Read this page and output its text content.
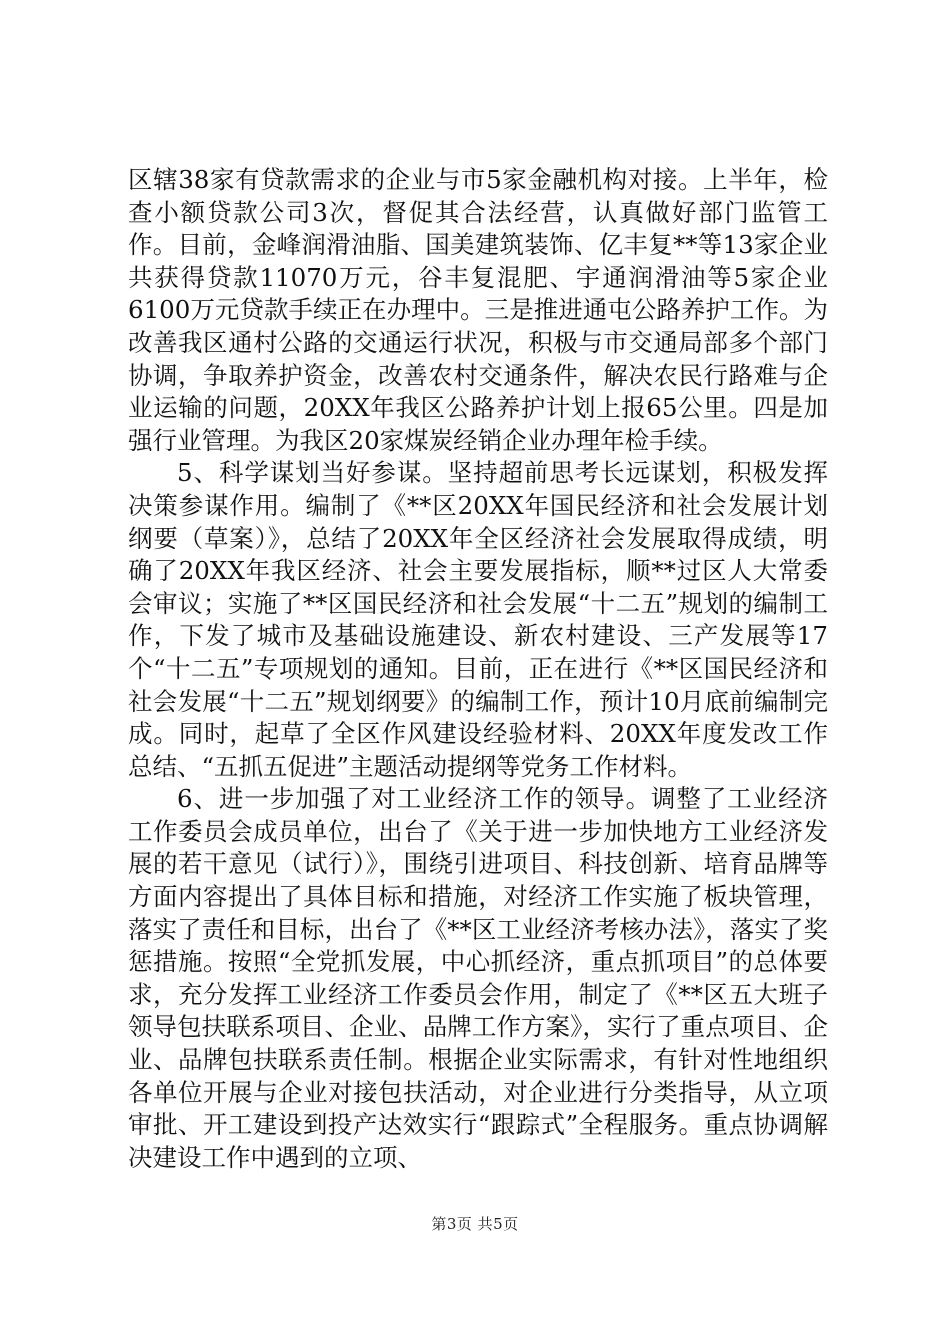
区辖38家有贷款需求的企业与市5家金融机构对接。上半年，检查小额贷款公司3次，督促其合法经营，认真做好部门监管工作。目前，金峰润滑油脂、国美建筑装饰、亿丰复**等13家企业共获得贷款11070万元，谷丰复混肥、宇通润滑油等5家企业6100万元贷款手续正在办理中。三是推进通屯公路养护工作。为改善我区通村公路的交通运行状况，积极与市交通局部多个部门协调，争取养护资金，改善农村交通条件，解决农民行路难与企业运输的问题，20XX年我区公路养护计划上报65公里。四是加强行业管理。为我区20家煤炭经销企业办理年检手续。

5、科学谋划当好参谋。坚持超前思考长远谋划，积极发挥决策参谋作用。编制了《**区20XX年国民经济和社会发展计划纲要（草案）》，总结了20XX年全区经济社会发展取得成绩，明确了20XX年我区经济、社会主要发展指标，顺**过区人大常委会审议；实施了**区国民经济和社会发展“十二五”规划的编制工作，下发了城市及基础设施建设、新农村建设、三产发展等17个“十二五”专项规划的通知。目前，正在进行《**区国民经济和社会发展“十二五”规划纲要》的编制工作，预计10月底前编制完成。同时，起草了全区作风建设经验材料、20XX年度发改工作总结、“五抓五促进”主题活动提纲等党务工作材料。

6、进一步加强了对工业经济工作的领导。调整了工业经济工作委员会成员单位，出台了《关于进一步加快地方工业经济发展的若干意见（试行）》，围绕引进项目、科技创新、培育品牌等方面内容提出了具体目标和措施，对经济工作实施了板块管理，落实了责任和目标，出台了《**区工业经济考核办法》，落实了奖惩措施。按照“全党抓发展，中心抓经济，重点抓项目”的总体要求，充分发挥工业经济工作委员会作用，制定了《**区五大班子领导包扶联系项目、企业、品牌工作方案》，实行了重点项目、企业、品牌包扶联系责任制。根据企业实际需求，有针对性地组织各单位开展与企业对接包扶活动，对企业进行分类指导，从立项审批、开工建设到投产达效实行“跟踪式”全程服务。重点协调解决建设工作中遇到的立项、

第3页 共5页
